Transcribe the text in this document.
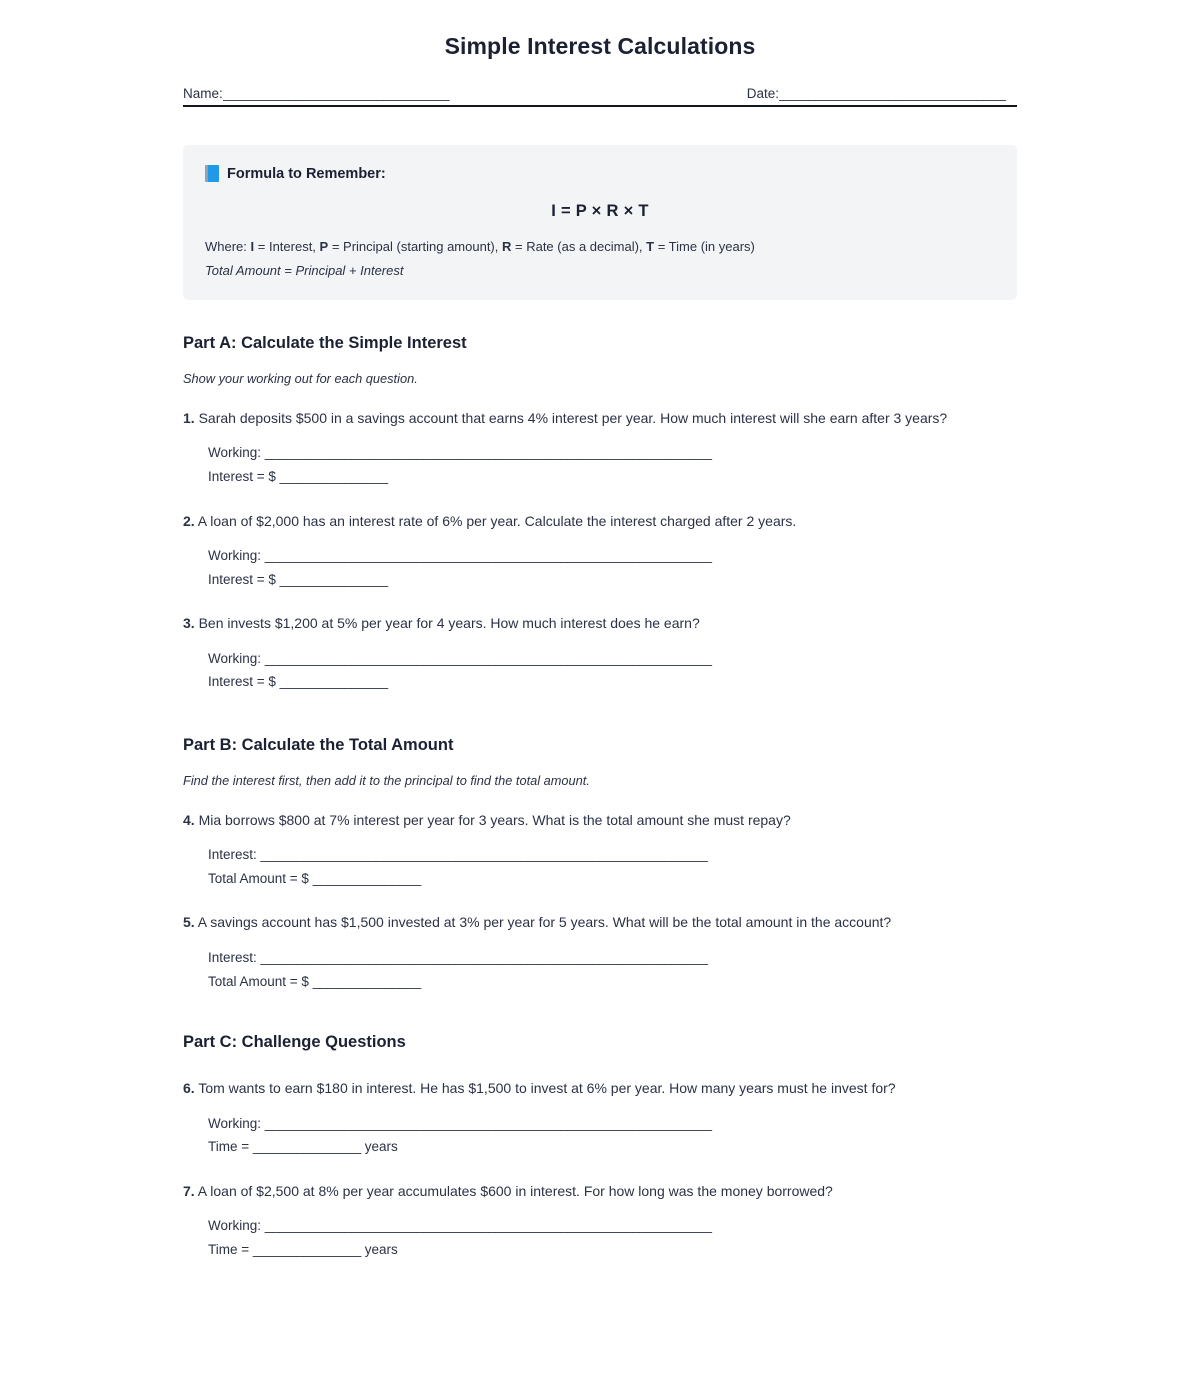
Simple Interest Calculations
Name: _______________________________	Date: _______________________________
Formula to Remember:
I = P × R × T
Where: I = Interest, P = Principal (starting amount), R = Rate (as a decimal), T = Time (in years)
Total Amount = Principal + Interest
Part A: Calculate the Simple Interest
Show your working out for each question.
1. Sarah deposits $500 in a savings account that earns 4% interest per year. How much interest will she earn after 3 years?
Working: ______________________________________________________________
Interest = $ _______________
2. A loan of $2,000 has an interest rate of 6% per year. Calculate the interest charged after 2 years.
Working: ______________________________________________________________
Interest = $ _______________
3. Ben invests $1,200 at 5% per year for 4 years. How much interest does he earn?
Working: ______________________________________________________________
Interest = $ _______________
Part B: Calculate the Total Amount
Find the interest first, then add it to the principal to find the total amount.
4. Mia borrows $800 at 7% interest per year for 3 years. What is the total amount she must repay?
Interest: ______________________________________________________________
Total Amount = $ _______________
5. A savings account has $1,500 invested at 3% per year for 5 years. What will be the total amount in the account?
Interest: ______________________________________________________________
Total Amount = $ _______________
Part C: Challenge Questions
6. Tom wants to earn $180 in interest. He has $1,500 to invest at 6% per year. How many years must he invest for?
Working: ______________________________________________________________
Time = _______________ years
7. A loan of $2,500 at 8% per year accumulates $600 in interest. For how long was the money borrowed?
Working: ______________________________________________________________
Time = _______________ years
